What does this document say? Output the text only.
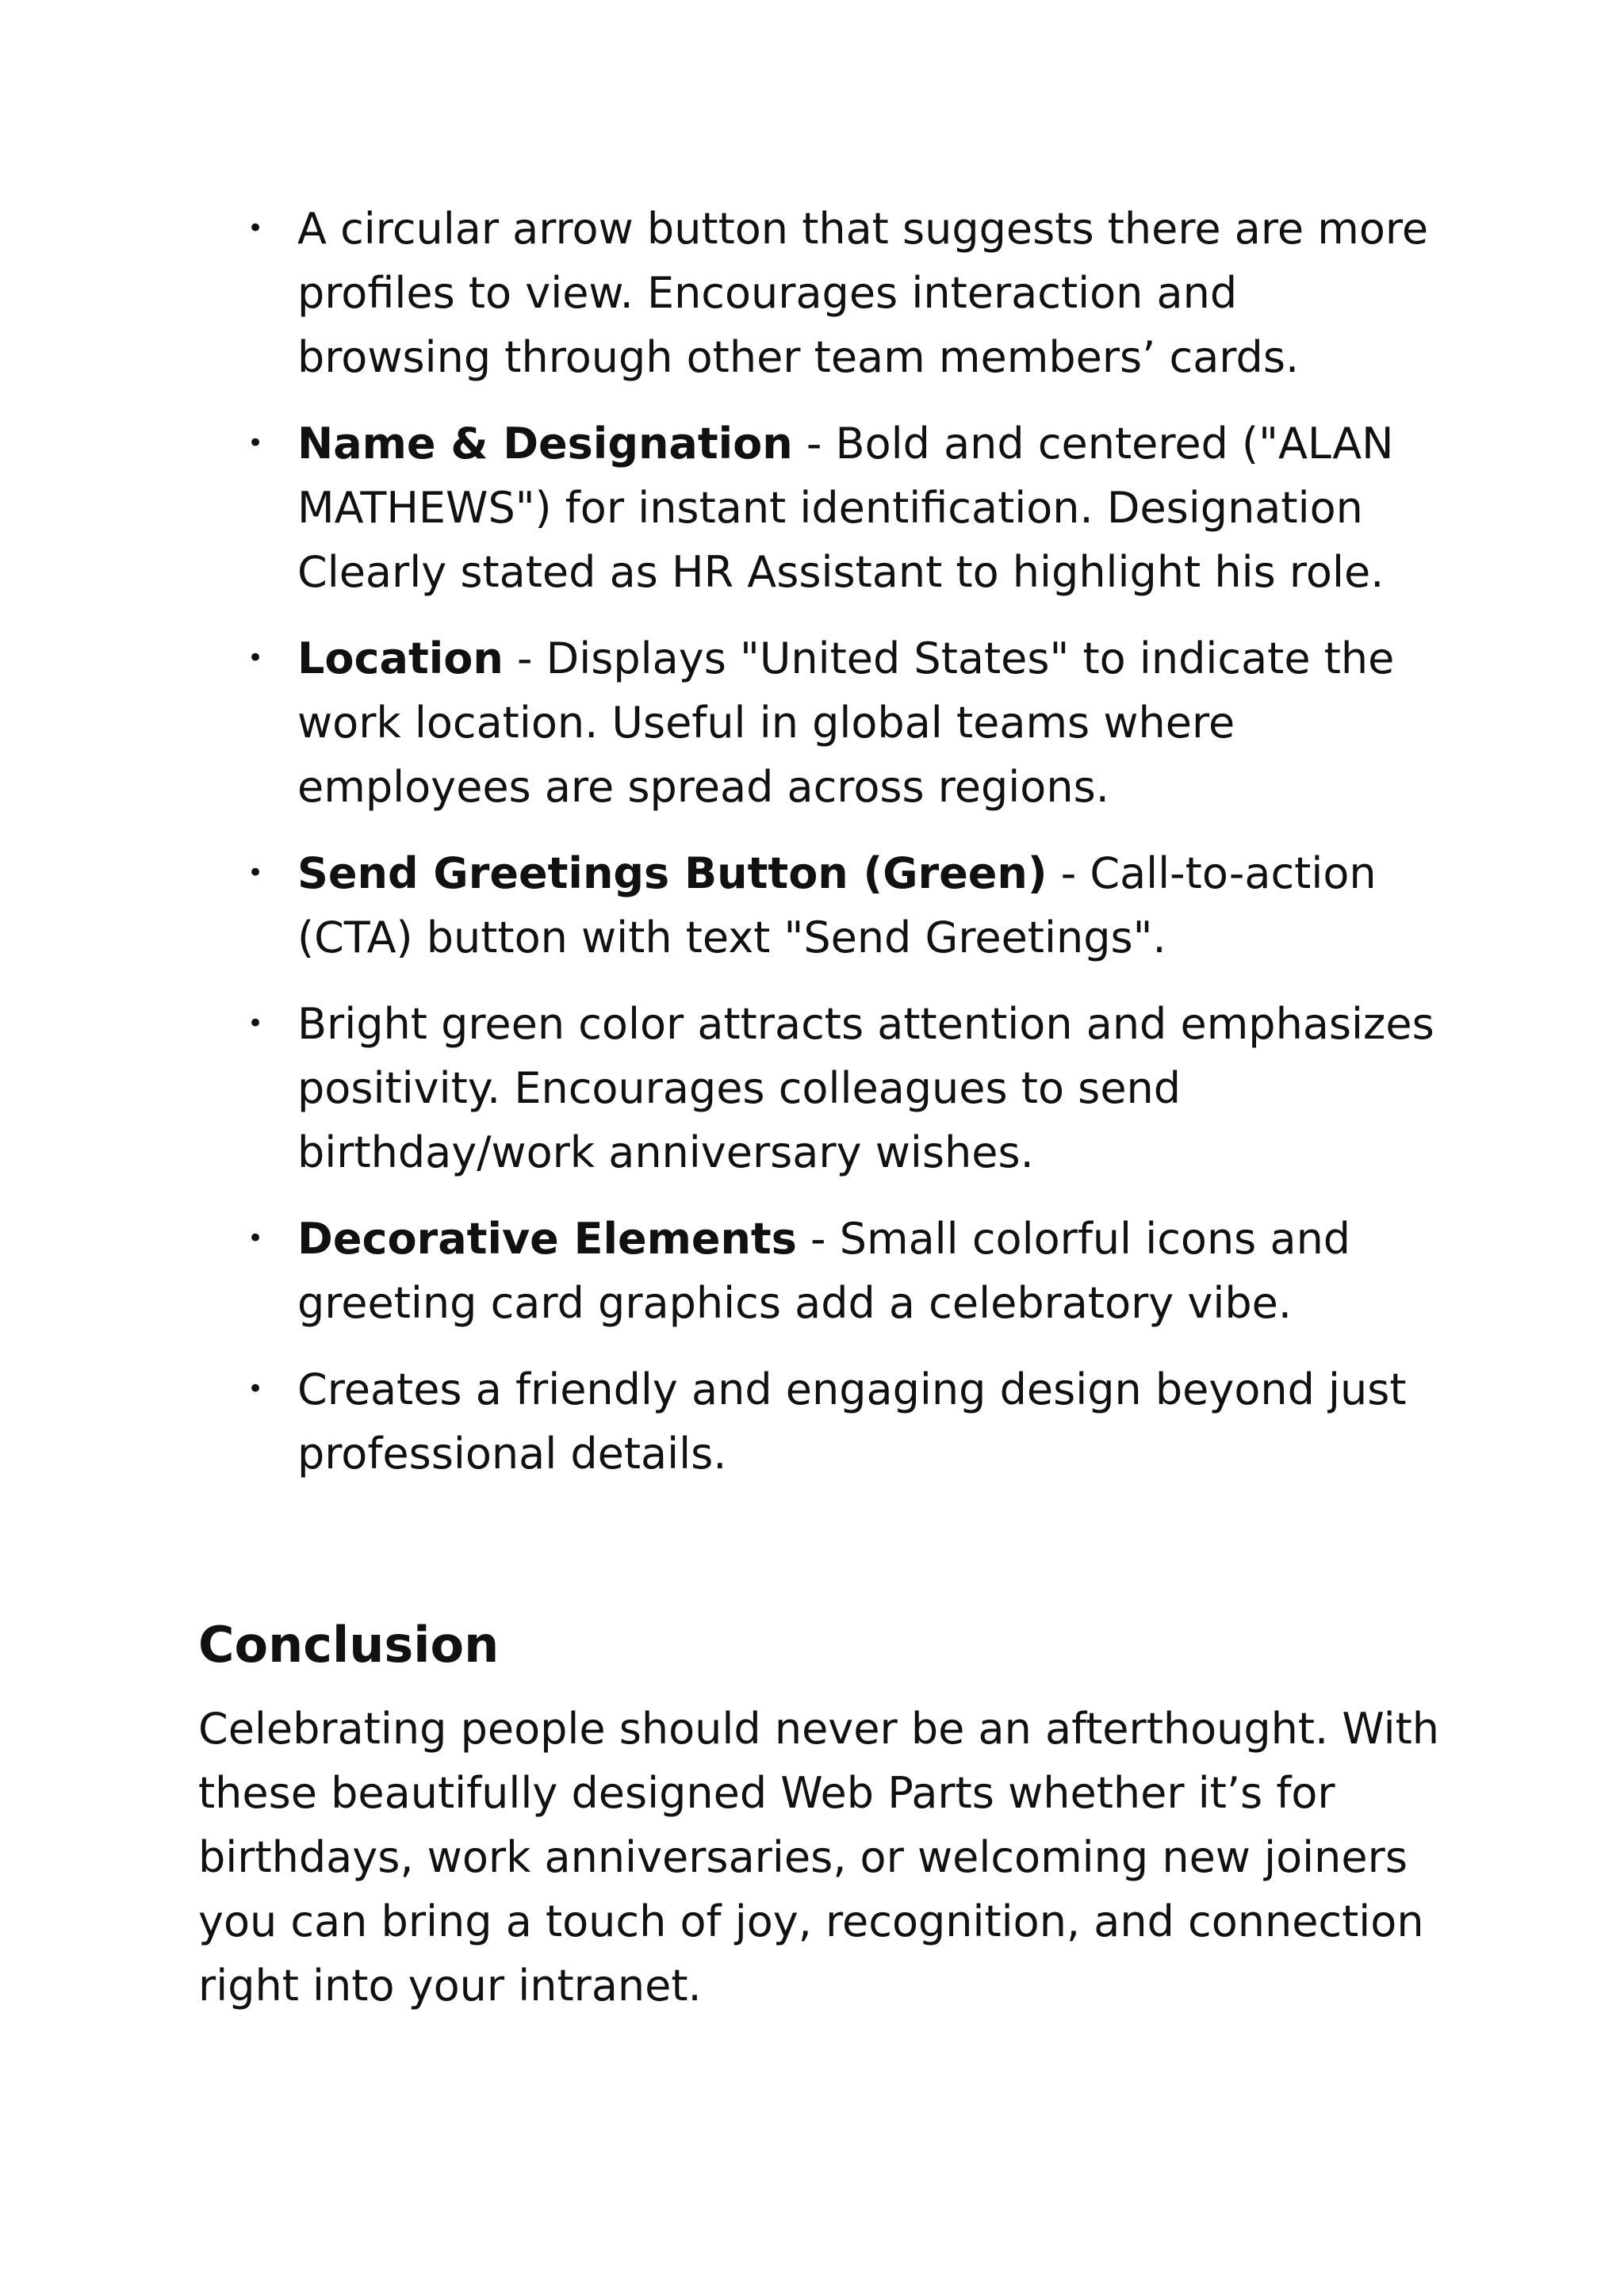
• A circular arrow button that suggests there are more profiles to view. Encourages interaction and browsing through other team members’ cards.
• Name & Designation - Bold and centered ("ALAN MATHEWS") for instant identification. Designation Clearly stated as HR Assistant to highlight his role.
• Location - Displays "United States" to indicate the work location. Useful in global teams where employees are spread across regions.
• Send Greetings Button (Green) - Call-to-action (CTA) button with text "Send Greetings".
• Bright green color attracts attention and emphasizes positivity. Encourages colleagues to send birthday/work anniversary wishes.
• Decorative Elements - Small colorful icons and greeting card graphics add a celebratory vibe.
• Creates a friendly and engaging design beyond just professional details.
Conclusion

Celebrating people should never be an afterthought. With these beautifully designed Web Parts whether it’s for birthdays, work anniversaries, or welcoming new joiners you can bring a touch of joy, recognition, and connection right into your intranet.
